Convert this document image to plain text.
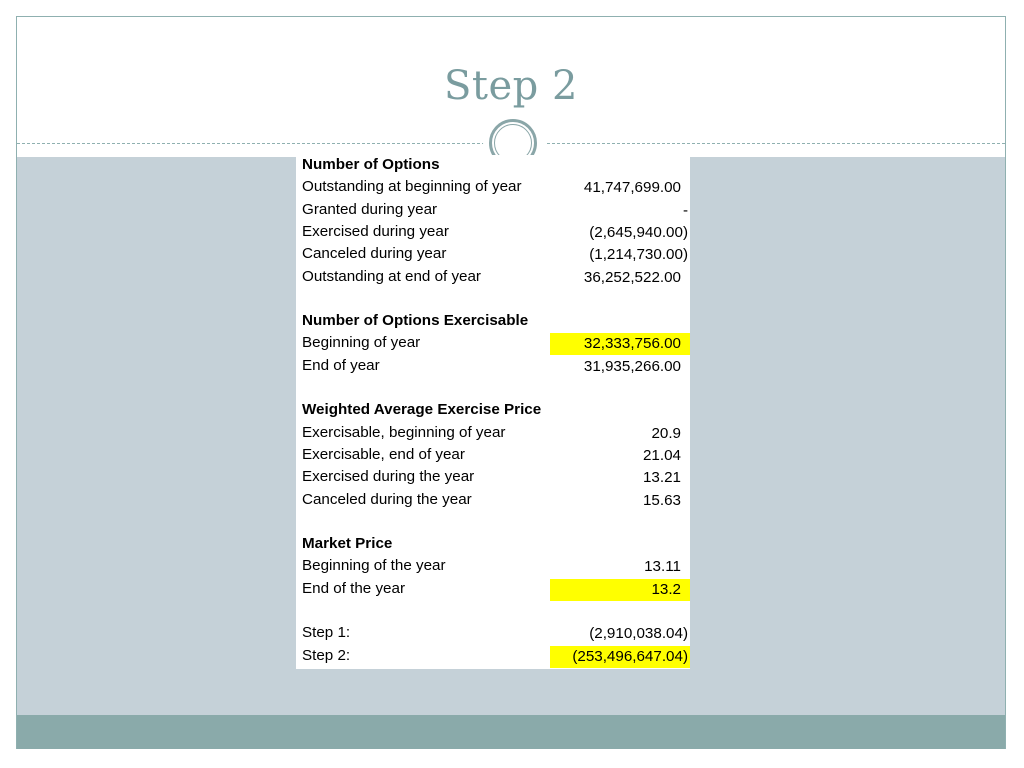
Step 2
Number of Options
Outstanding at beginning of year	41,747,699.00
Granted during year	-
Exercised during year	(2,645,940.00)
Canceled during year	(1,214,730.00)
Outstanding at end of year	36,252,522.00
Number of Options Exercisable
Beginning of year	32,333,756.00
End of year	31,935,266.00
Weighted Average Exercise Price
Exercisable, beginning of year	20.9
Exercisable, end of year	21.04
Exercised during the year	13.21
Canceled during the year	15.63
Market Price
Beginning of the year	13.11
End of the year	13.2
Step 1:	(2,910,038.04)
Step 2:	(253,496,647.04)
